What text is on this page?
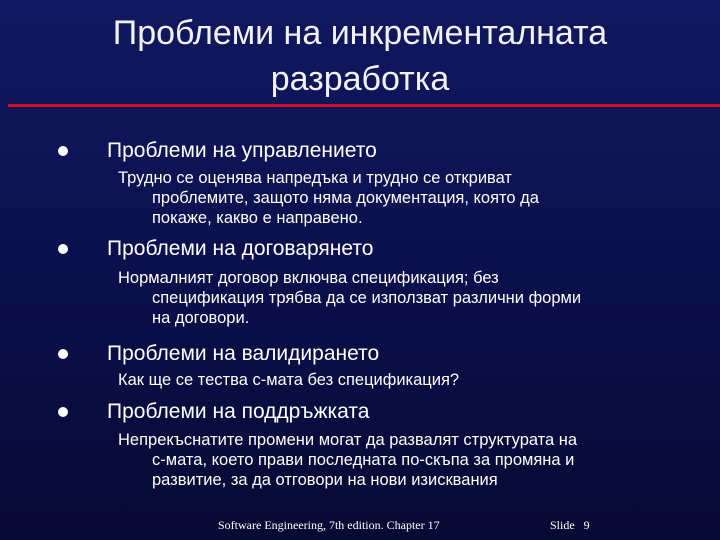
Проблеми на инкременталната
разработка
Проблеми на управлението
Трудно се оценява напредъка и трудно се откриват
проблемите, защото няма документация, която да
покаже, какво е направено.
Проблеми на договарянето
Нормалният договор включва спецификация; без
спецификация трябва да се използват различни форми
на договори.
Проблеми на валидирането
Как ще се тества с-мата без спецификация?
Проблеми на поддръжката
Непрекъснатите промени могат да развалят структурата на
с-мата, което прави последната по-скъпа за промяна и
развитие, за да отговори на нови изисквания
Software Engineering, 7th edition. Chapter 17	Slide 9
